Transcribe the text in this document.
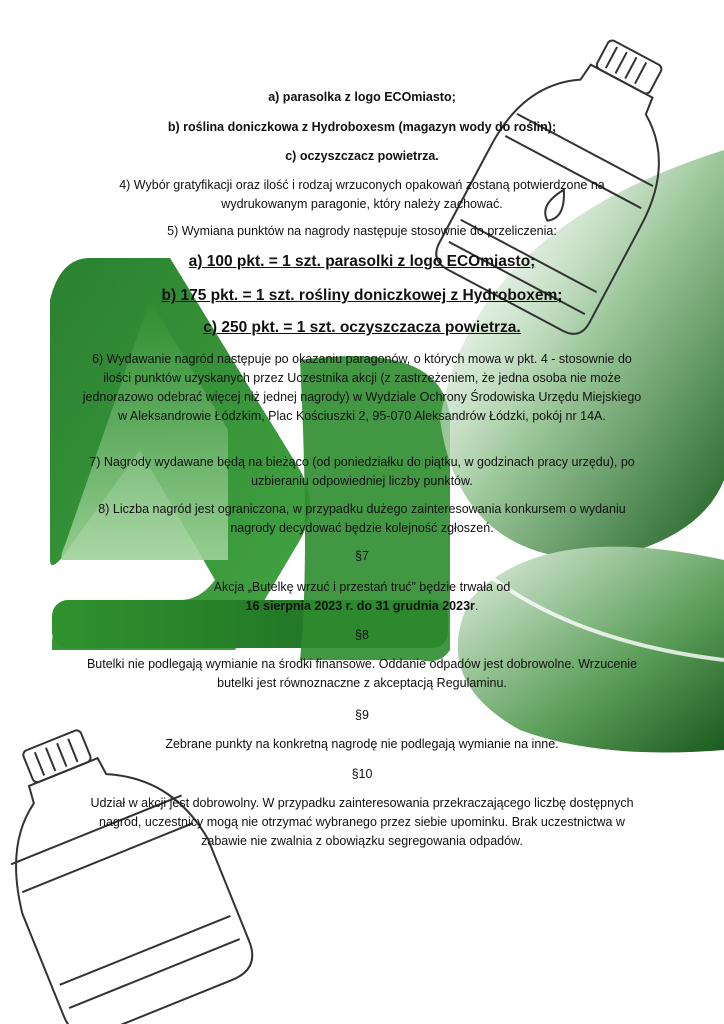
a) parasolka z logo ECOmiasto;

b) roślina doniczkowa z Hydroboxesm (magazyn wody do roślin);

c) oczyszczacz powietrza.

4) Wybór gratyfikacji oraz ilość i rodzaj wrzuconych opakowań zostaną potwierdzone na wydrukowanym paragonie, który należy zachować.

5) Wymiana punktów na nagrody następuje stosownie do przeliczenia:

a) 100 pkt. = 1 szt. parasolki z logo ECOmiasto;

b) 175 pkt. = 1 szt. rośliny doniczkowej z Hydroboxem;

c) 250 pkt. = 1 szt. oczyszczacza powietrza.

6) Wydawanie nagród następuje po okazaniu paragonów, o których mowa w pkt. 4 - stosownie do ilości punktów uzyskanych przez Uczestnika akcji (z zastrzeżeniem, że jedna osoba nie może jednorazowo odebrać więcej niż jednej nagrody) w Wydziale Ochrony Środowiska Urzędu Miejskiego w Aleksandrowie Łódzkim, Plac Kościuszki 2, 95-070 Aleksandrów Łódzki, pokój nr 14A.

7) Nagrody wydawane będą na bieżąco (od poniedziałku do piątku, w godzinach pracy urzędu), po uzbieraniu odpowiedniej liczby punktów.

8) Liczba nagród jest ograniczona, w przypadku dużego zainteresowania konkursem o wydaniu nagrody decydować będzie kolejność zgłoszeń.

§7

Akcja „Butelkę wrzuć i przestań truć” będzie trwała od
16 sierpnia 2023 r. do 31 grudnia 2023r.

§8

Butelki nie podlegają wymianie na środki finansowe. Oddanie odpadów jest dobrowolne. Wrzucenie butelki jest równoznaczne z akceptacją Regulaminu.

§9

Zebrane punkty na konkretną nagrodę nie podlegają wymianie na inne.

§10

Udział w akcji jest dobrowolny. W przypadku zainteresowania przekraczającego liczbę dostępnych nagród, uczestnicy mogą nie otrzymać wybranego przez siebie upominku. Brak uczestnictwa w zabawie nie zwalnia z obowiązku segregowania odpadów.
